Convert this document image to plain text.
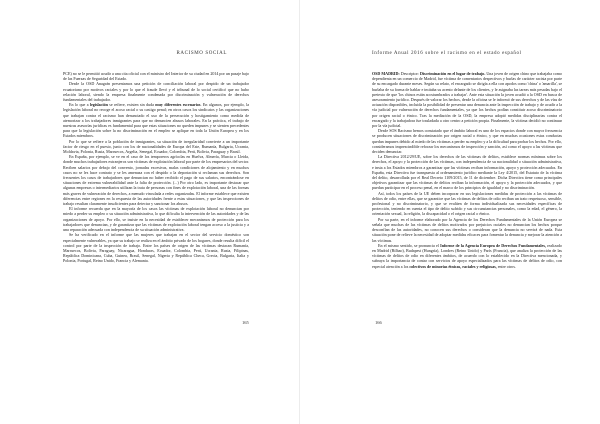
RACISMO SOCIAL

PCE) no se le permitió acudir a una cita oficial con el ministro del Interior de su ciudad en 2014 por un pasaje bajo de las Fuerzas de Seguridad del Estado.

Desde la OSD Anagrán presentamos una petición de conciliación laboral por despido de un trabajador ecuatoriano por motivos raciales y por lo que el fraude llevó y el tribunal de lo social certificó que no hubo relación laboral, siendo la empresa finalmente condenada por discriminación y vulneración de derechos fundamentales del trabajador.

En lo que a legislación se refiere, existen sin duda muy diferentes escenarios. En algunos, por ejemplo, la legislación laboral no recoge el acoso racial o su castigo penal; en otros casos los sindicatos y las organizaciones que trabajan contra el racismo han denunciado el uso de la persecución y hostigamiento como medida de atemorizar a los trabajadores inmigrantes para que no denuncien abusos laborales. En la práctica, el trabajo de nuestras asesorías jurídicas es fundamental para que estas situaciones no queden impunes y se sienten precedentes para que la legislación sobre la no discriminación en el empleo se aplique en toda la Unión Europea y en los Estados miembros.

Por lo que se refiere a la población de inmigrantes, su situación de irregularidad convierte a un importante factor de riesgo en el puesto, junto con los de nacionalidades de Europa del Este, Rumanía, Bulgaria, Ucrania, Moldavia, Polonia, Rusia, Marruecos, Argelia, Senegal, Ecuador, Colombia, Perú, Bolivia, Paraguay y Brasil.

En España, por ejemplo, se ve en el caso de los temporeros agrícolas en Huelva, Almería, Murcia o Lleida, donde muchos trabajadores extranjeros son víctimas de explotación laboral por parte de los empresarios del sector. Reciben salarios por debajo del convenio, jornadas excesivas, malas condiciones de alojamiento y en muchos casos no se les hace contrato y se les amenaza con el despido o la deportación si reclaman sus derechos. Son frecuentes los casos de trabajadores que denuncian no haber recibido el pago de sus salarios, encontrándose en situaciones de extrema vulnerabilidad ante la falta de protección. (...) Por otro lado, es importante destacar que algunas empresas o intermediarios utilizan la trata de personas con fines de explotación laboral, una de las formas más graves de vulneración de derechos, a menudo vinculada a redes organizadas. El informe establece que existen diferencias entre regiones en la respuesta de las autoridades frente a estas situaciones, y que las inspecciones de trabajo resultan claramente insuficientes para detectar y sancionar los abusos.

El informe recuerda que en la mayoría de los casos las víctimas de explotación laboral no denuncian por miedo a perder su empleo o su situación administrativa, lo que dificulta la intervención de las autoridades y de las organizaciones de apoyo. Por ello, se insiste en la necesidad de establecer mecanismos de protección para los trabajadores que denuncian, y de garantizar que las víctimas de explotación laboral tengan acceso a la justicia y a una reparación adecuada con independencia de su situación administrativa.

Se ha verificado en el informe que las mujeres que trabajan en el sector del servicio doméstico son especialmente vulnerables, ya que su trabajo se realiza en el ámbito privado de los hogares, donde resulta difícil el control por parte de la inspección de trabajo. Entre los países de origen de las víctimas destacan Rumanía, Marruecos, Bolivia, Paraguay, Nicaragua, Honduras, Ecuador, Colombia, Perú, Ucrania, Rusia, Filipinas, República Dominicana, Cuba, Guinea, Brasil, Senegal, Nigeria y República Checa, Grecia, Bulgaria, Italia y Polonia, Portugal, Reino Unido, Francia y Alemania.

165
Informe Anual 2016 sobre el racismo en el estado español

OSD MADRID: Descriptor: Discriminación en el lugar de trabajo. Una joven de origen chino que trabajaba como dependienta en un comercio de Madrid, fue víctima de comentarios despectivos y burlas de carácter racista por parte de su encargado durante meses. Según su relato, el encargado se dirigía a ella con apodos como 'china' o 'amarilla', se burlaba de su forma de hablar e imitaba su acento delante de los clientes, y le asignaba las tareas más pesadas bajo el pretexto de que 'los chinos están acostumbrados a trabajar'. Ante esta situación la joven acudió a la OSD en busca de asesoramiento jurídico. Después de valorar los hechos, desde la oficina se le informó de sus derechos y de las vías de actuación disponibles, incluida la posibilidad de presentar una denuncia ante la inspección de trabajo y de acudir a la vía judicial por vulneración de derechos fundamentales, ya que los hechos podían constituir acoso discriminatorio por origen racial o étnico. Tras la mediación de la OSD, la empresa adoptó medidas disciplinarias contra el encargado y la trabajadora fue trasladada a otro centro a petición propia. Finalmente, la víctima decidió no continuar por la vía judicial.

Desde SOS Racismo hemos constatado que el ámbito laboral es uno de los espacios donde con mayor frecuencia se producen situaciones de discriminación por origen racial o étnico, y que en muchas ocasiones estas conductas quedan impunes debido al miedo de las víctimas a perder su empleo y a la dificultad para probar los hechos. Por ello, consideramos imprescindible reforzar los mecanismos de inspección y sanción, así como el apoyo a las víctimas que deciden denunciar.

La Directiva 2012/29/UE, sobre los derechos de las víctimas de delitos, establece normas mínimas sobre los derechos, el apoyo y la protección de las víctimas, con independencia de su nacionalidad o situación administrativa, e insta a los Estados miembros a garantizar que las víctimas reciban información, apoyo y protección adecuados. En España, esta Directiva fue transpuesta al ordenamiento jurídico mediante la Ley 4/2015, del Estatuto de la víctima del delito, desarrollada por el Real Decreto 1109/2015, de 11 de diciembre. Dicha Directiva tiene como principales objetivos garantizar que las víctimas de delitos reciban la información, el apoyo y la protección adecuados, y que puedan participar en el proceso penal, en el marco de los principios de igualdad y no discriminación.

Así, todos los países de la UE deben incorporar en sus legislaciones medidas de protección a las víctimas de delitos de odio, entre ellas, que se garantice que las víctimas de delitos de odio reciban un trato respetuoso, sensible, profesional y no discriminatorio, y que se evalúen de forma individualizada sus necesidades específicas de protección, teniendo en cuenta el tipo de delito sufrido y sus circunstancias personales, como la edad, el género, la orientación sexual, la religión, la discapacidad o el origen racial o étnico.

Por su parte, en el informe elaborado por la Agencia de los Derechos Fundamentales de la Unión Europea se señala que muchas de las víctimas de delitos motivados por prejuicios raciales no denuncian los hechos porque desconfían de las autoridades, no conocen sus derechos o consideran que la denuncia no servirá de nada. Esta situación pone de relieve la necesidad de adoptar medidas eficaces para fomentar la denuncia y mejorar la atención a las víctimas.

En el mismo sentido, se pronuncia el Informe de la Agencia Europea de Derechos Fundamentales, realizado en Madrid (Bilbao), Budapest (Hungría), Londres (Reino Unido) y París (Francia), que analiza la protección de las víctimas de delitos de odio en diferentes ámbitos, de acuerdo con lo establecido en la Directiva mencionada, y subraya la importancia de contar con servicios de apoyo especializados para las víctimas de delitos de odio, con especial atención a los colectivos de minorías étnicas, raciales y religiosas, entre otros.

166
